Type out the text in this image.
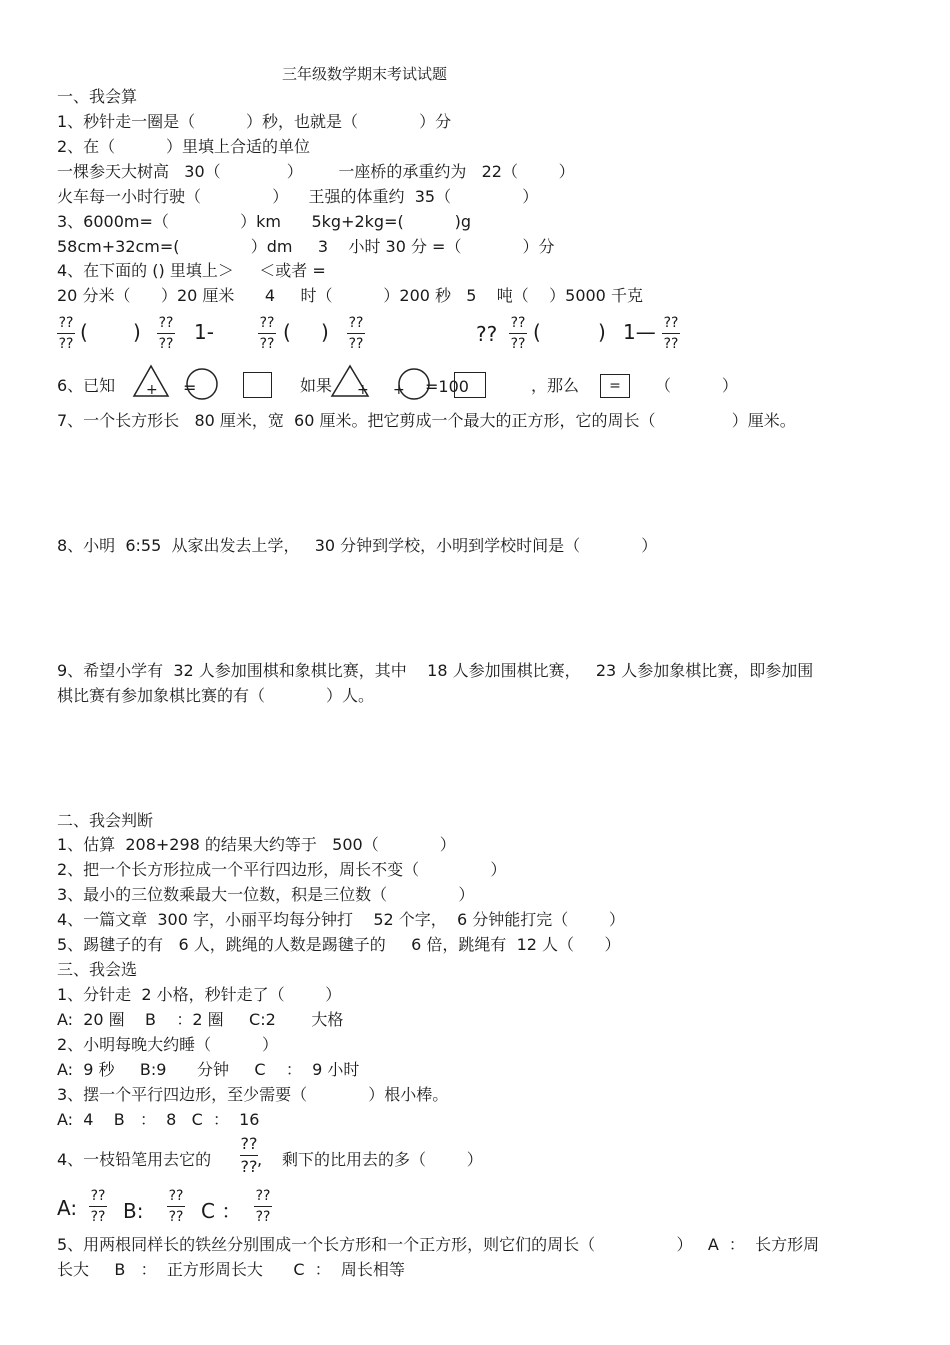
三年级数学期末考试试题
一、我会算
1、秒针走一圈是（          ）秒，也就是（            ）分
2、在（          ）里填上合适的单位
一棵参天大树高   30（             ）       一座桥的承重约为   22（        ）
火车每一小时行驶（              ）    王强的体重约  35（              ）
3、6000m=（              ）km      5kg+2kg=(          )g
58cm+32cm=(              ）dm     3    小时 30 分 =（            ）分
4、在下面的 () 里填上＞     ＜或者 =
20 分米（      ）20 厘米      4     时（          ）200 秒   5    吨（    ）5000 千克
??
?? ( ) ??
?? 1-	??
?? ( ) ??
??	?? ??
?? (	) 1— ??
??
6、已知 + =	如果 + + =100	，那么	=	（          ）
7、一个长方形长   80 厘米，宽  60 厘米。把它剪成一个最大的正方形，它的周长（               ）厘米。
8、小明  6:55  从家出发去上学，   30 分钟到学校，小明到学校时间是（            ）
9、希望小学有  32 人参加围棋和象棋比赛，其中    18 人参加围棋比赛，   23 人参加象棋比赛，即参加围
棋比赛有参加象棋比赛的有（            ）人。
二、我会判断
1、估算  208+298 的结果大约等于   500（            ）
2、把一个长方形拉成一个平行四边形，周长不变（              ）
3、最小的三位数乘最大一位数，积是三位数（              ）
4、一篇文章  300 字，小丽平均每分钟打    52 个字，  6 分钟能打完（        ）
5、踢毽子的有   6 人，跳绳的人数是踢毽子的     6 倍，跳绳有  12 人（      ）
三、我会选
1、分针走  2 小格，秒针走了（        ）
A:  20 圈    B    ：2 圈     C:2       大格
2、小明每晚大约睡（          ）
A:  9 秒     B:9      分钟     C    ：  9 小时
3、摆一个平行四边形，至少需要（            ）根小棒。
A:  4    B   ：  8   C  ：  16
4、一枝铅笔用去它的
??
?? , 剩下的比用去的多（        ）
A: ??
?? B:
??
?? C ：
??
??
5、用两根同样长的铁丝分别围成一个长方形和一个正方形，则它们的周长（                ）   A  ：  长方形周
长大     B   ：  正方形周长大      C  ：  周长相等
